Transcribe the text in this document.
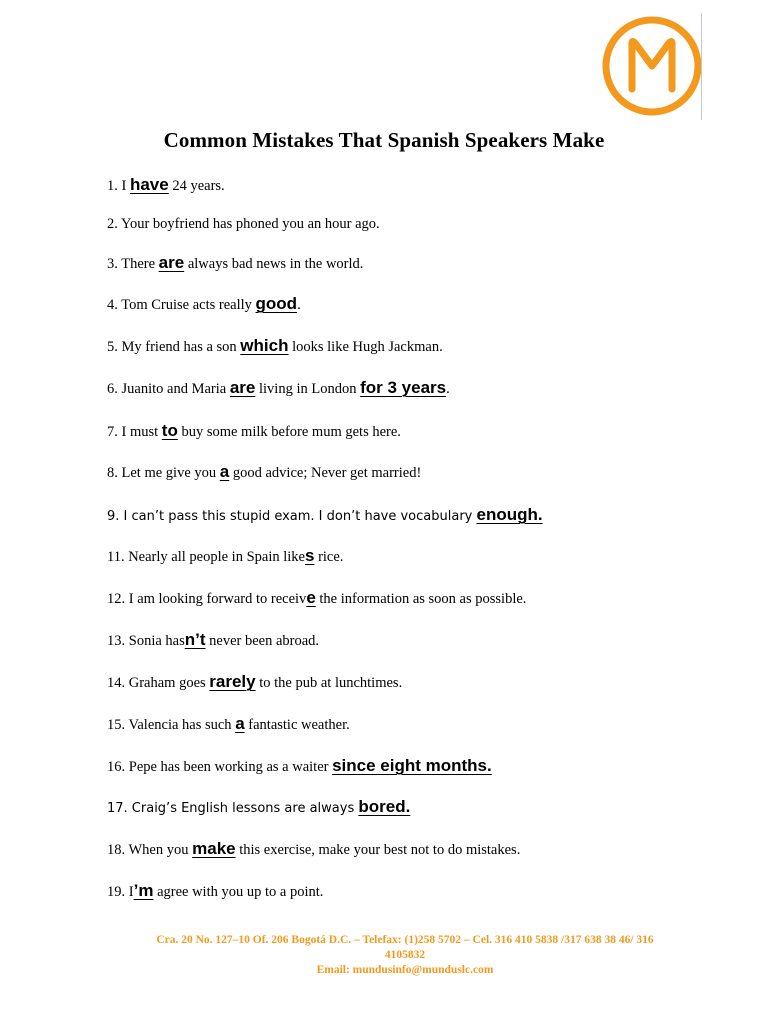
Common Mistakes That Spanish Speakers Make
1. I have 24 years.
2. Your boyfriend has phoned you an hour ago.
3. There are always bad news in the world.
4. Tom Cruise acts really good.
5. My friend has a son which looks like Hugh Jackman.
6. Juanito and Maria are living in London for 3 years.
7. I must to buy some milk before mum gets here.
8. Let me give you a good advice; Never get married!
9. I can’t pass this stupid exam. I don’t have vocabulary enough.
11. Nearly all people in Spain likes rice.
12. I am looking forward to receive the information as soon as possible.
13. Sonia hasn’t never been abroad.
14. Graham goes rarely to the pub at lunchtimes.
15. Valencia has such a fantastic weather.
16. Pepe has been working as a waiter since eight months.
17. Craig’s English lessons are always bored.
18. When you make this exercise, make your best not to do mistakes.
19. I’m agree with you up to a point.
Cra. 20 No. 127–10 Of. 206 Bogotá D.C. – Telefax: (1)258 5702 – Cel. 316 410 5838 /317 638 38 46/ 316
4105832
Email: mundusinfo@munduslc.com
